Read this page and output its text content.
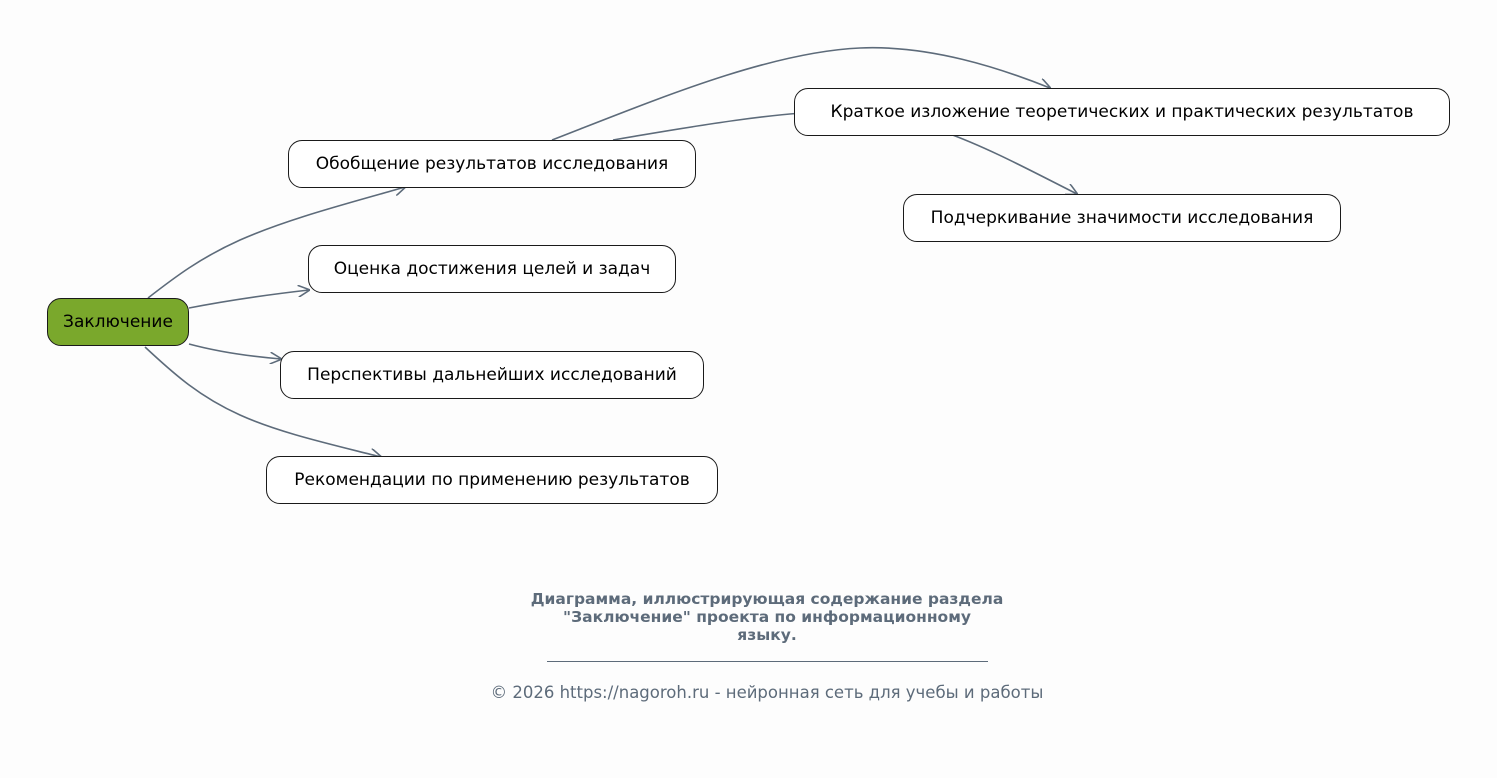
Заключение
Обобщение результатов исследования
Оценка достижения целей и задач
Перспективы дальнейших исследований
Рекомендации по применению результатов
Краткое изложение теоретических и практических результатов
Подчеркивание значимости исследования
Диаграмма, иллюстрирующая содержание раздела
"Заключение" проекта по информационному
языку.
© 2026 https://nagoroh.ru - нейронная сеть для учебы и работы
